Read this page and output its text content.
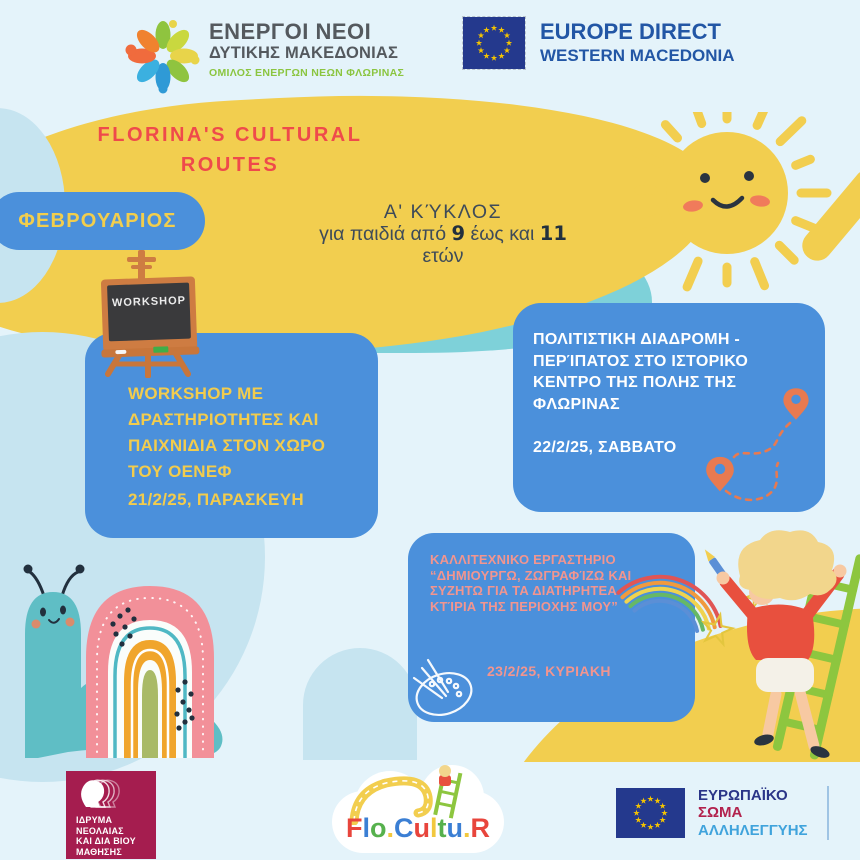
ΕΝΕΡΓΟΙ ΝΕΟΙ
ΔΥΤΙΚΗΣ ΜΑΚΕΔΟΝΙΑΣ
ΟΜΙΛΟΣ ΕΝΕΡΓΩΝ ΝΕΩΝ ΦΛΩΡΙΝΑΣ
EUROPE DIRECT
WESTERN MACEDONIA
FLORINA'S CULTURAL
ROUTES
ΦΕΒΡΟΥΑΡΙΟΣ	Α' ΚΎΚΛΟΣ
για παιδιά από 9 έως και 11
ετών
WORKSHOP ΜΕ ΔΡΑΣΤΗΡΙΟΤΗΤΕΣ ΚΑΙ ΠΑΙΧΝΙΔΙΑ ΣΤΟΝ ΧΩΡΟ ΤΟΥ ΟΕΝΕΦ
21/2/25, ΠΑΡΑΣΚΕΥΗ
ΠΟΛΙΤΙΣΤΙΚΗ ΔΙΑΔΡΟΜΗ - ΠΕΡΊΠΑΤΟΣ ΣΤΟ ΙΣΤΟΡΙΚΟ ΚΕΝΤΡΟ ΤΗΣ ΠΟΛΗΣ ΤΗΣ ΦΛΩΡΙΝΑΣ
22/2/25, ΣΑΒΒΑΤΟ
ΚΑΛΛΙΤΕΧΝΙΚΟ ΕΡΓΑΣΤΗΡΙΟ “ΔΗΜΙΟΥΡΓΩ, ΖΩΓΡΑΦΊΖΩ ΚΑΙ ΣΥΖΗΤΩ ΓΙΑ ΤΑ ΔΙΑΤΗΡΗΤΕΑ ΚΤΊΡΙΑ ΤΗΣ ΠΕΡΙΟΧΗΣ ΜΟΥ”
23/2/25, ΚΥΡΙΑΚΗ
WORKSHOP
ΙΔΡΥΜΑ
ΝΕΟΛΑΙΑΣ
ΚΑΙ ΔΙΑ ΒΙΟΥ
ΜΑΘΗΣΗΣ
Flo.Cultu.R
ΕΥΡΩΠΑΪΚΟ
ΣΩΜΑ
ΑΛΛΗΛΕΓΓΥΗΣ
